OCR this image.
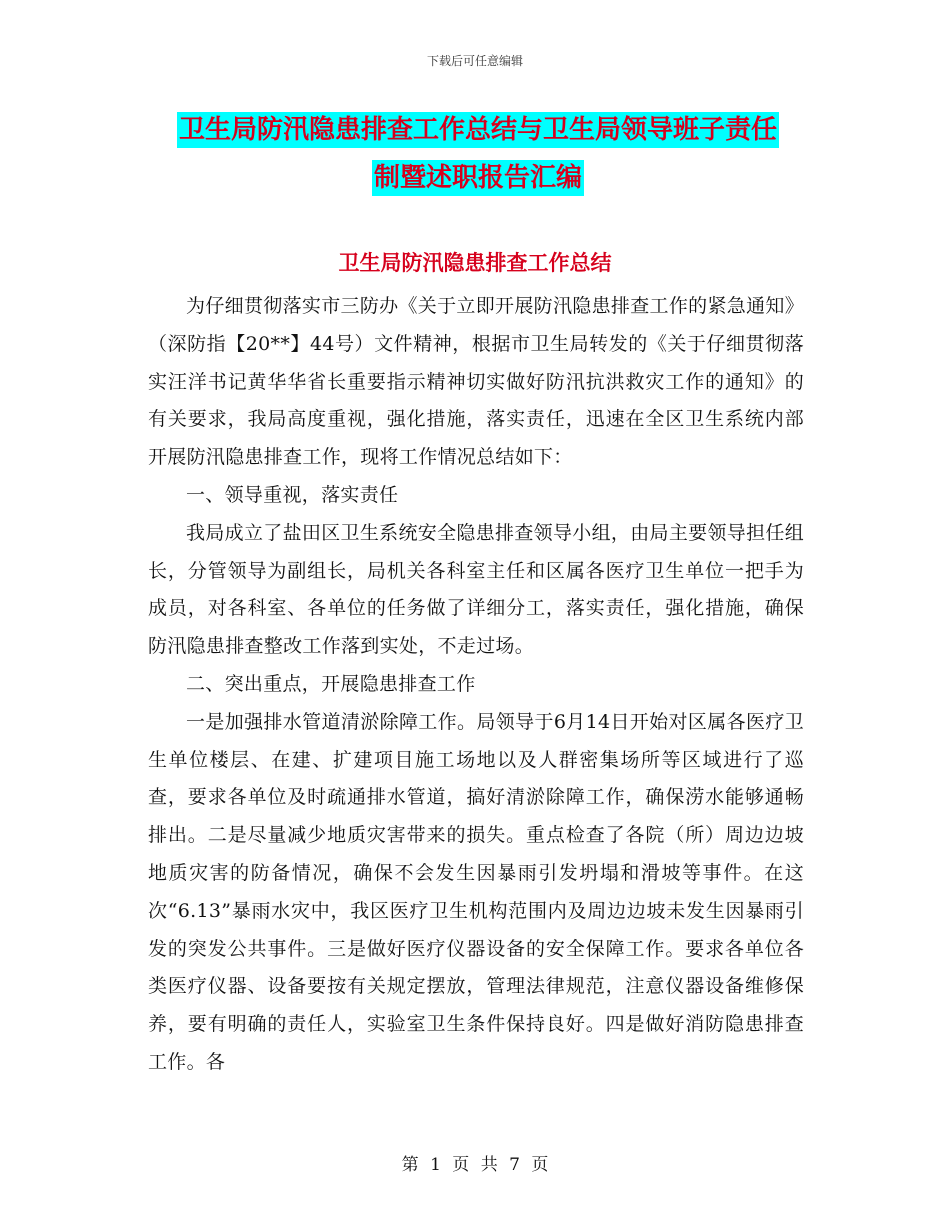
下载后可任意编辑
卫生局防汛隐患排查工作总结与卫生局领导班子责任
制暨述职报告汇编
卫生局防汛隐患排查工作总结

为仔细贯彻落实市三防办《关于立即开展防汛隐患排查工作的紧急通知》（深防指【20**】44号）文件精神，根据市卫生局转发的《关于仔细贯彻落实汪洋书记黄华华省长重要指示精神切实做好防汛抗洪救灾工作的通知》的有关要求，我局高度重视，强化措施，落实责任，迅速在全区卫生系统内部开展防汛隐患排查工作，现将工作情况总结如下：

一、领导重视，落实责任

我局成立了盐田区卫生系统安全隐患排查领导小组，由局主要领导担任组长，分管领导为副组长，局机关各科室主任和区属各医疗卫生单位一把手为成员，对各科室、各单位的任务做了详细分工，落实责任，强化措施，确保防汛隐患排查整改工作落到实处，不走过场。

二、突出重点，开展隐患排查工作

一是加强排水管道清淤除障工作。局领导于6月14日开始对区属各医疗卫生单位楼层、在建、扩建项目施工场地以及人群密集场所等区域进行了巡查，要求各单位及时疏通排水管道，搞好清淤除障工作，确保涝水能够通畅排出。二是尽量减少地质灾害带来的损失。重点检查了各院（所）周边边坡地质灾害的防备情况，确保不会发生因暴雨引发坍塌和滑坡等事件。在这次“6.13”暴雨水灾中，我区医疗卫生机构范围内及周边边坡未发生因暴雨引发的突发公共事件。三是做好医疗仪器设备的安全保障工作。要求各单位各类医疗仪器、设备要按有关规定摆放，管理法律规范，注意仪器设备维修保养，要有明确的责任人，实验室卫生条件保持良好。四是做好消防隐患排查工作。各

第 1 页 共 7 页
